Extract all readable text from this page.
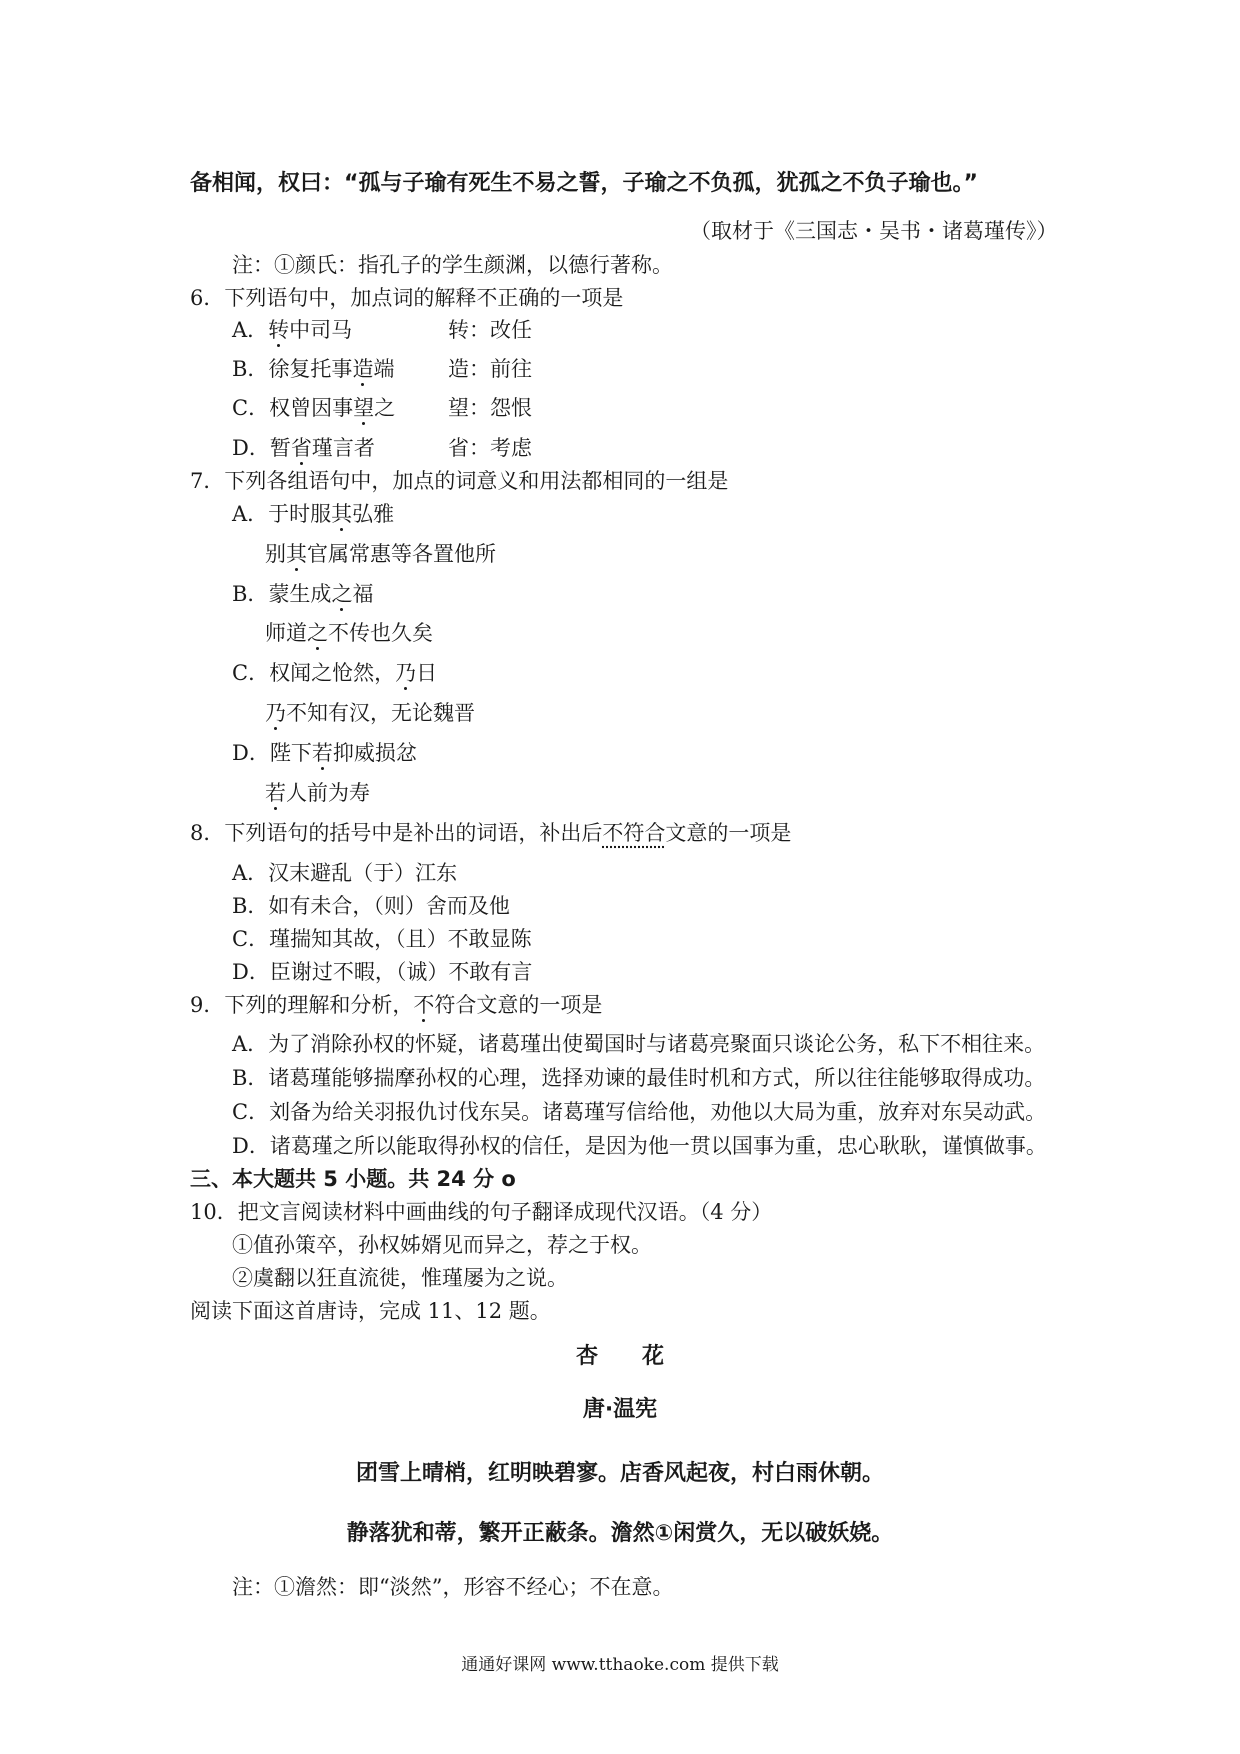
备相闻，权曰：“孤与子瑜有死生不易之誓，子瑜之不负孤，犹孤之不负子瑜也。”
（取材于《三国志・吴书・诸葛瑾传》）
注：①颜氏：指孔子的学生颜渊，以德行著称。
6．下列语句中，加点词的解释不正确的一项是
A．转中司马	转：改任
B．徐复托事造端	造：前往
C．权曾因事望之	望：怨恨
D．暂省瑾言者	省：考虑
7．下列各组语句中，加点的词意义和用法都相同的一组是
A．于时服其弘雅
别其官属常惠等各置他所
B．蒙生成之福
师道之不传也久矣
C．权闻之怆然，乃日
乃不知有汉，无论魏晋
D．陛下若抑威损忿
若人前为寿
8．下列语句的括号中是补出的词语，补出后不符合文意的一项是
A．汉末避乱（于）江东
B．如有未合，（则）舍而及他
C．瑾揣知其故，（且）不敢显陈
D．臣谢过不暇，（诚）不敢有言
9．下列的理解和分析，不符合文意的一项是
A．为了消除孙权的怀疑，诸葛瑾出使蜀国时与诸葛亮聚面只谈论公务，私下不相往来。
B．诸葛瑾能够揣摩孙权的心理，选择劝谏的最佳时机和方式，所以往往能够取得成功。
C．刘备为给关羽报仇讨伐东吴。诸葛瑾写信给他，劝他以大局为重，放弃对东吴动武。
D．诸葛瑾之所以能取得孙权的信任，是因为他一贯以国事为重，忠心耿耿，谨慎做事。
三、本大题共 5 小题。共 24 分 o
10．把文言阅读材料中画曲线的句子翻译成现代汉语。（4 分）
①值孙策卒，孙权姊婿见而异之，荐之于权。
②虞翻以狂直流徙，惟瑾屡为之说。
阅读下面这首唐诗，完成 11、12 题。
杏　　花
唐·温宪
团雪上晴梢，红明映碧寥。店香风起夜，村白雨休朝。
静落犹和蒂，繁开正蔽条。澹然①闲赏久，无以破妖娆。
注：①澹然：即“淡然”，形容不经心；不在意。
通通好课网 www.tthaoke.com 提供下载
